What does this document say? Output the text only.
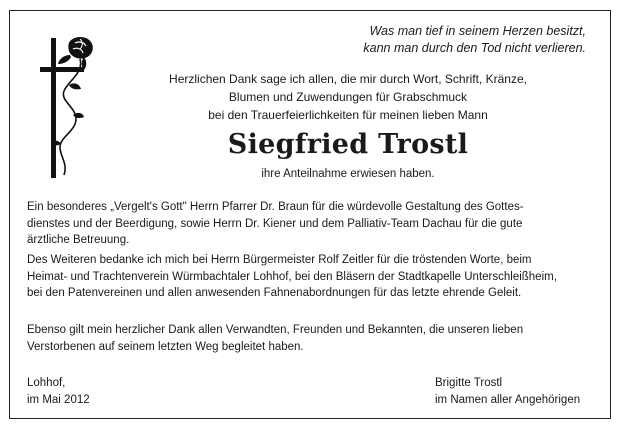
Was man tief in seinem Herzen besitzt,
kann man durch den Tod nicht verlieren.
Herzlichen Dank sage ich allen, die mir durch Wort, Schrift, Kränze,
Blumen und Zuwendungen für Grabschmuck
bei den Trauerfeierlichkeiten für meinen lieben Mann
Siegfried Trostl
ihre Anteilnahme erwiesen haben.
Ein besonderes „Vergelt's Gott" Herrn Pfarrer Dr. Braun für die würdevolle Gestaltung des Gottes-
dienstes und der Beerdigung, sowie Herrn Dr. Kiener und dem Palliativ-Team Dachau für die gute
ärztliche Betreuung.
Des Weiteren bedanke ich mich bei Herrn Bürgermeister Rolf Zeitler für die tröstenden Worte, beim
Heimat- und Trachtenverein Würmbachtaler Lohhof, bei den Bläsern der Stadtkapelle Unterschleißheim,
bei den Patenvereinen und allen anwesenden Fahnenabordnungen für das letzte ehrende Geleit.
Ebenso gilt mein herzlicher Dank allen Verwandten, Freunden und Bekannten, die unseren lieben
Verstorbenen auf seinem letzten Weg begleitet haben.
Lohhof,
im Mai 2012
Brigitte Trostl
im Namen aller Angehörigen
